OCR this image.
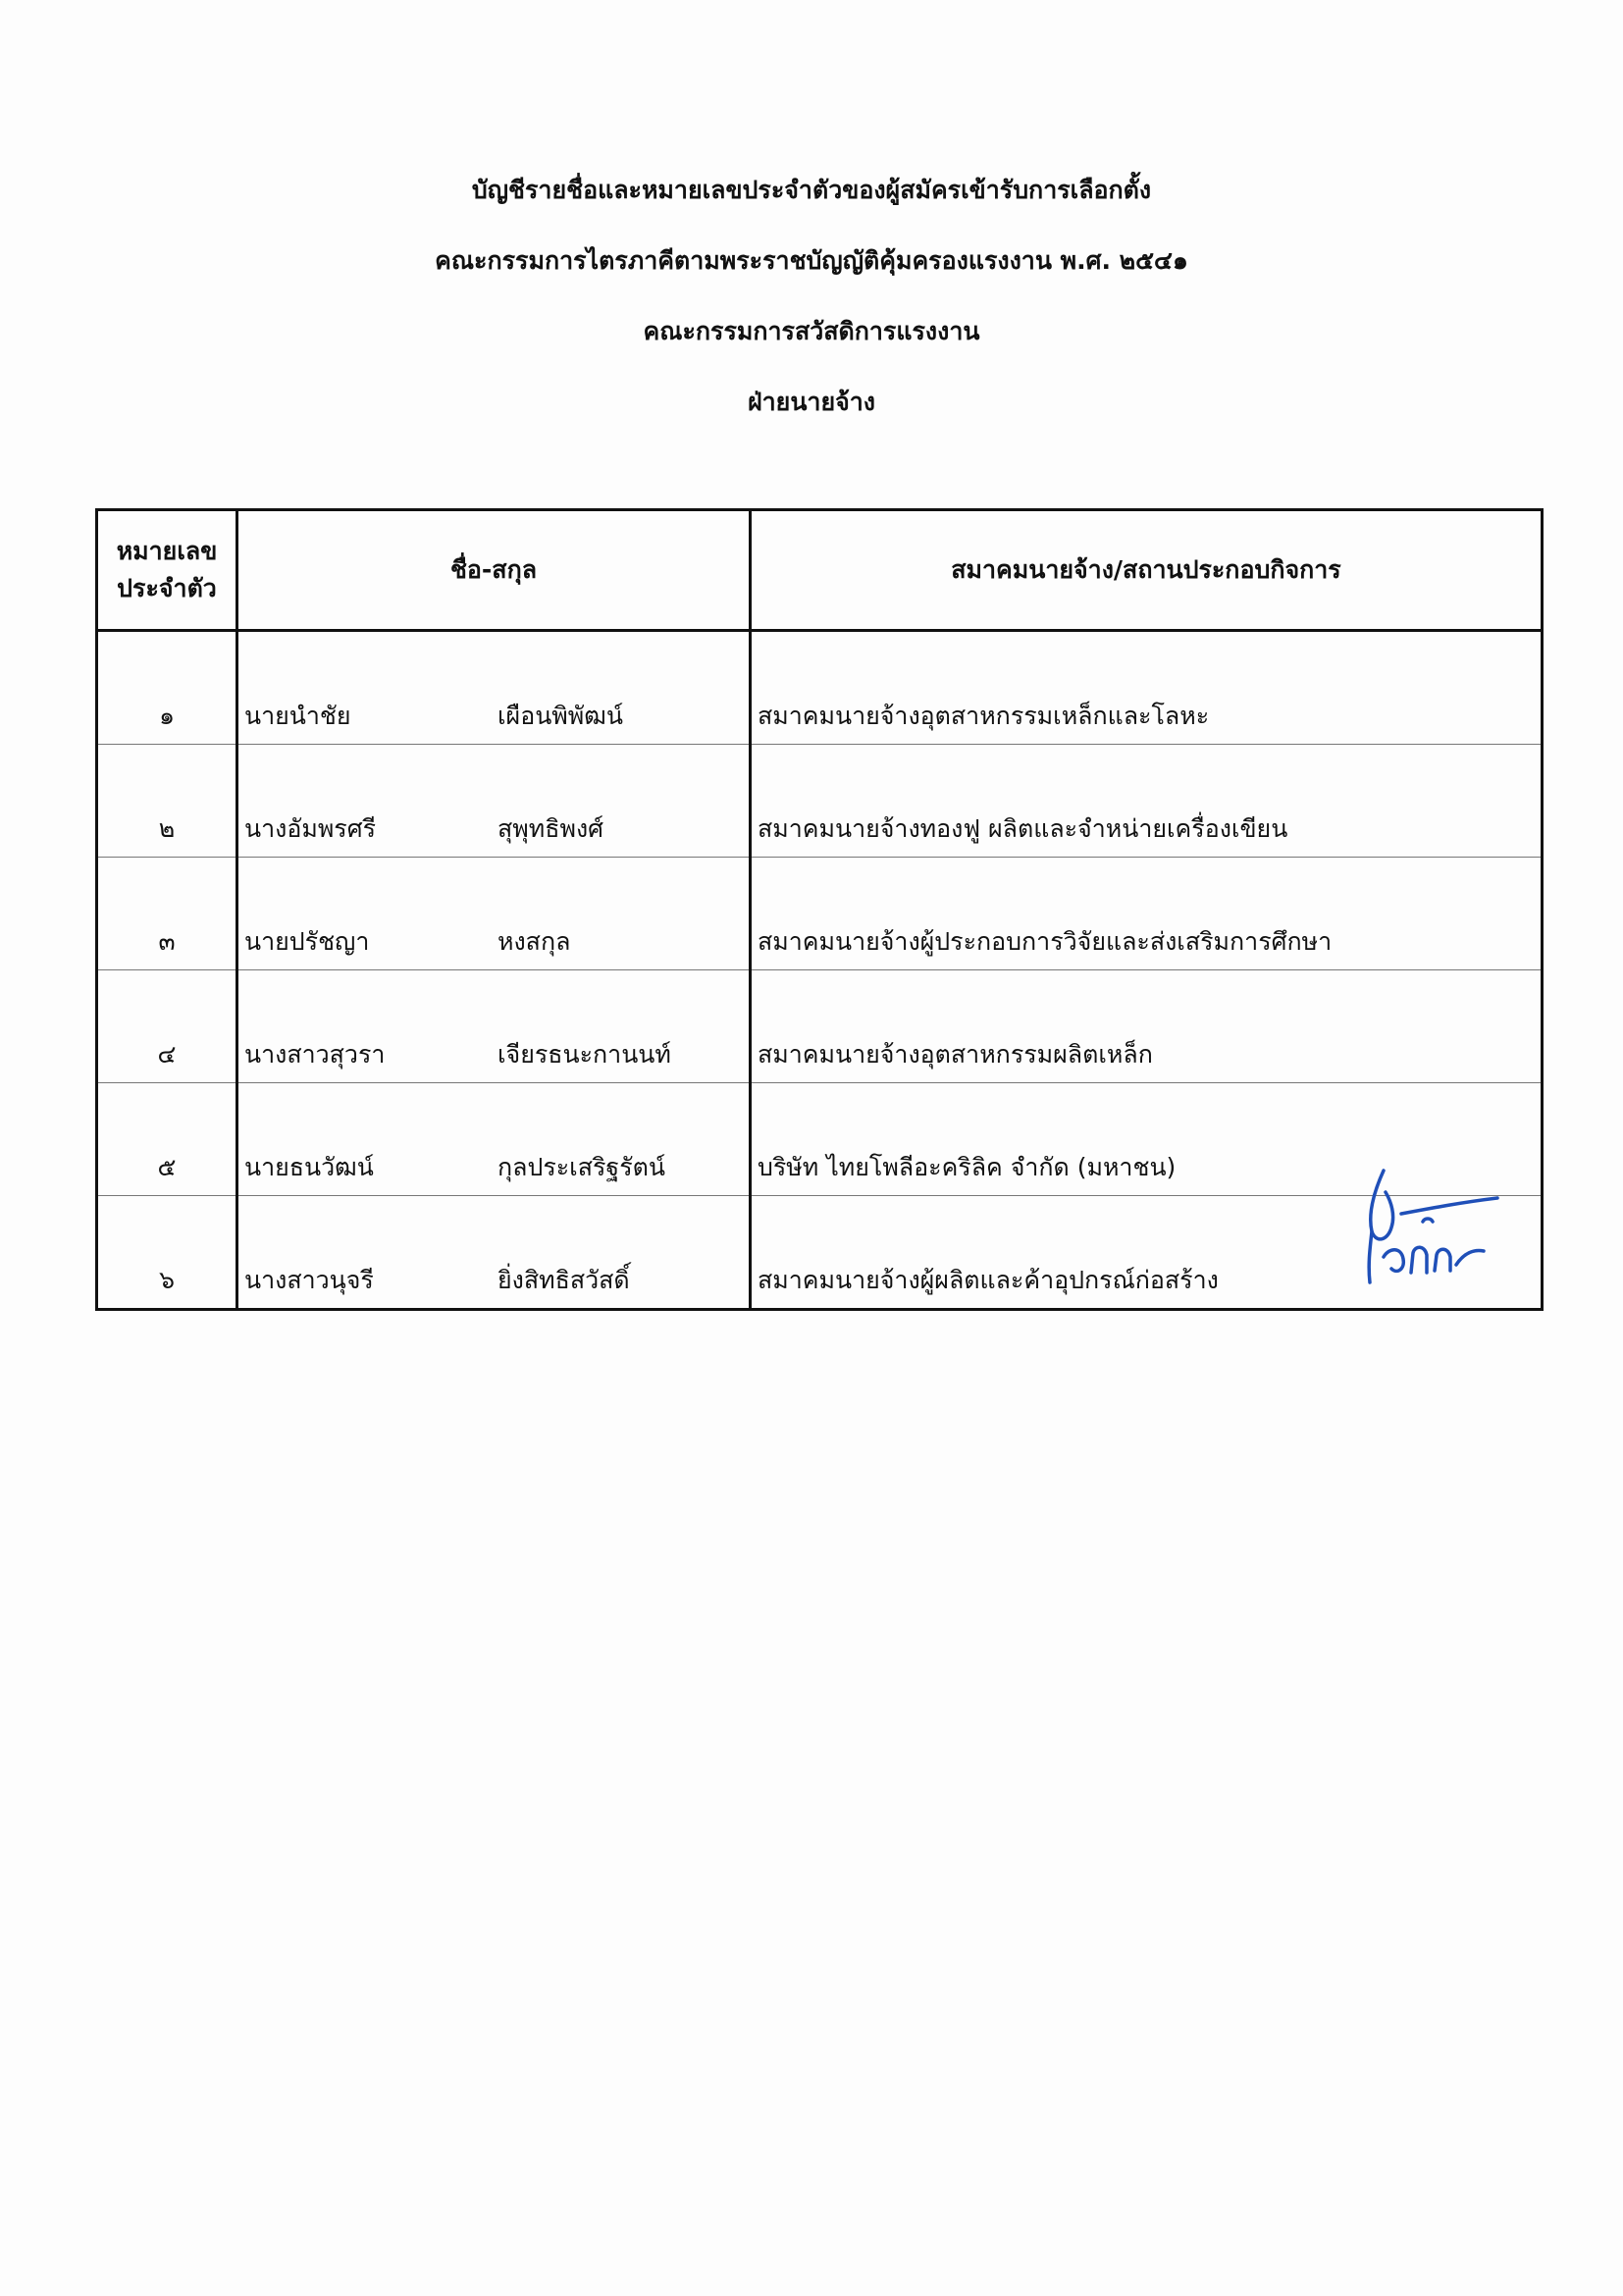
บัญชีรายชื่อและหมายเลขประจำตัวของผู้สมัครเข้ารับการเลือกตั้ง
คณะกรรมการไตรภาคีตามพระราชบัญญัติคุ้มครองแรงงาน พ.ศ. ๒๕๔๑
คณะกรรมการสวัสดิการแรงงาน
ฝ่ายนายจ้าง
หมายเลข
ประจำตัว	ชื่อ-สกุล	สมาคมนายจ้าง/สถานประกอบกิจการ
๑	นายนำชัย เผือนพิพัฒน์	สมาคมนายจ้างอุตสาหกรรมเหล็กและโลหะ
๒	นางอัมพรศรี สุพุทธิพงศ์	สมาคมนายจ้างทองฟู ผลิตและจำหน่ายเครื่องเขียน
๓	นายปรัชญา หงสกุล	สมาคมนายจ้างผู้ประกอบการวิจัยและส่งเสริมการศึกษา
๔	นางสาวสุวรา เจียรธนะกานนท์	สมาคมนายจ้างอุตสาหกรรมผลิตเหล็ก
๕	นายธนวัฒน์ กุลประเสริฐรัตน์	บริษัท ไทยโพลีอะคริลิค จำกัด (มหาชน)
๖	นางสาวนุจรี ยิ่งสิทธิสวัสดิ์	สมาคมนายจ้างผู้ผลิตและค้าอุปกรณ์ก่อสร้าง
